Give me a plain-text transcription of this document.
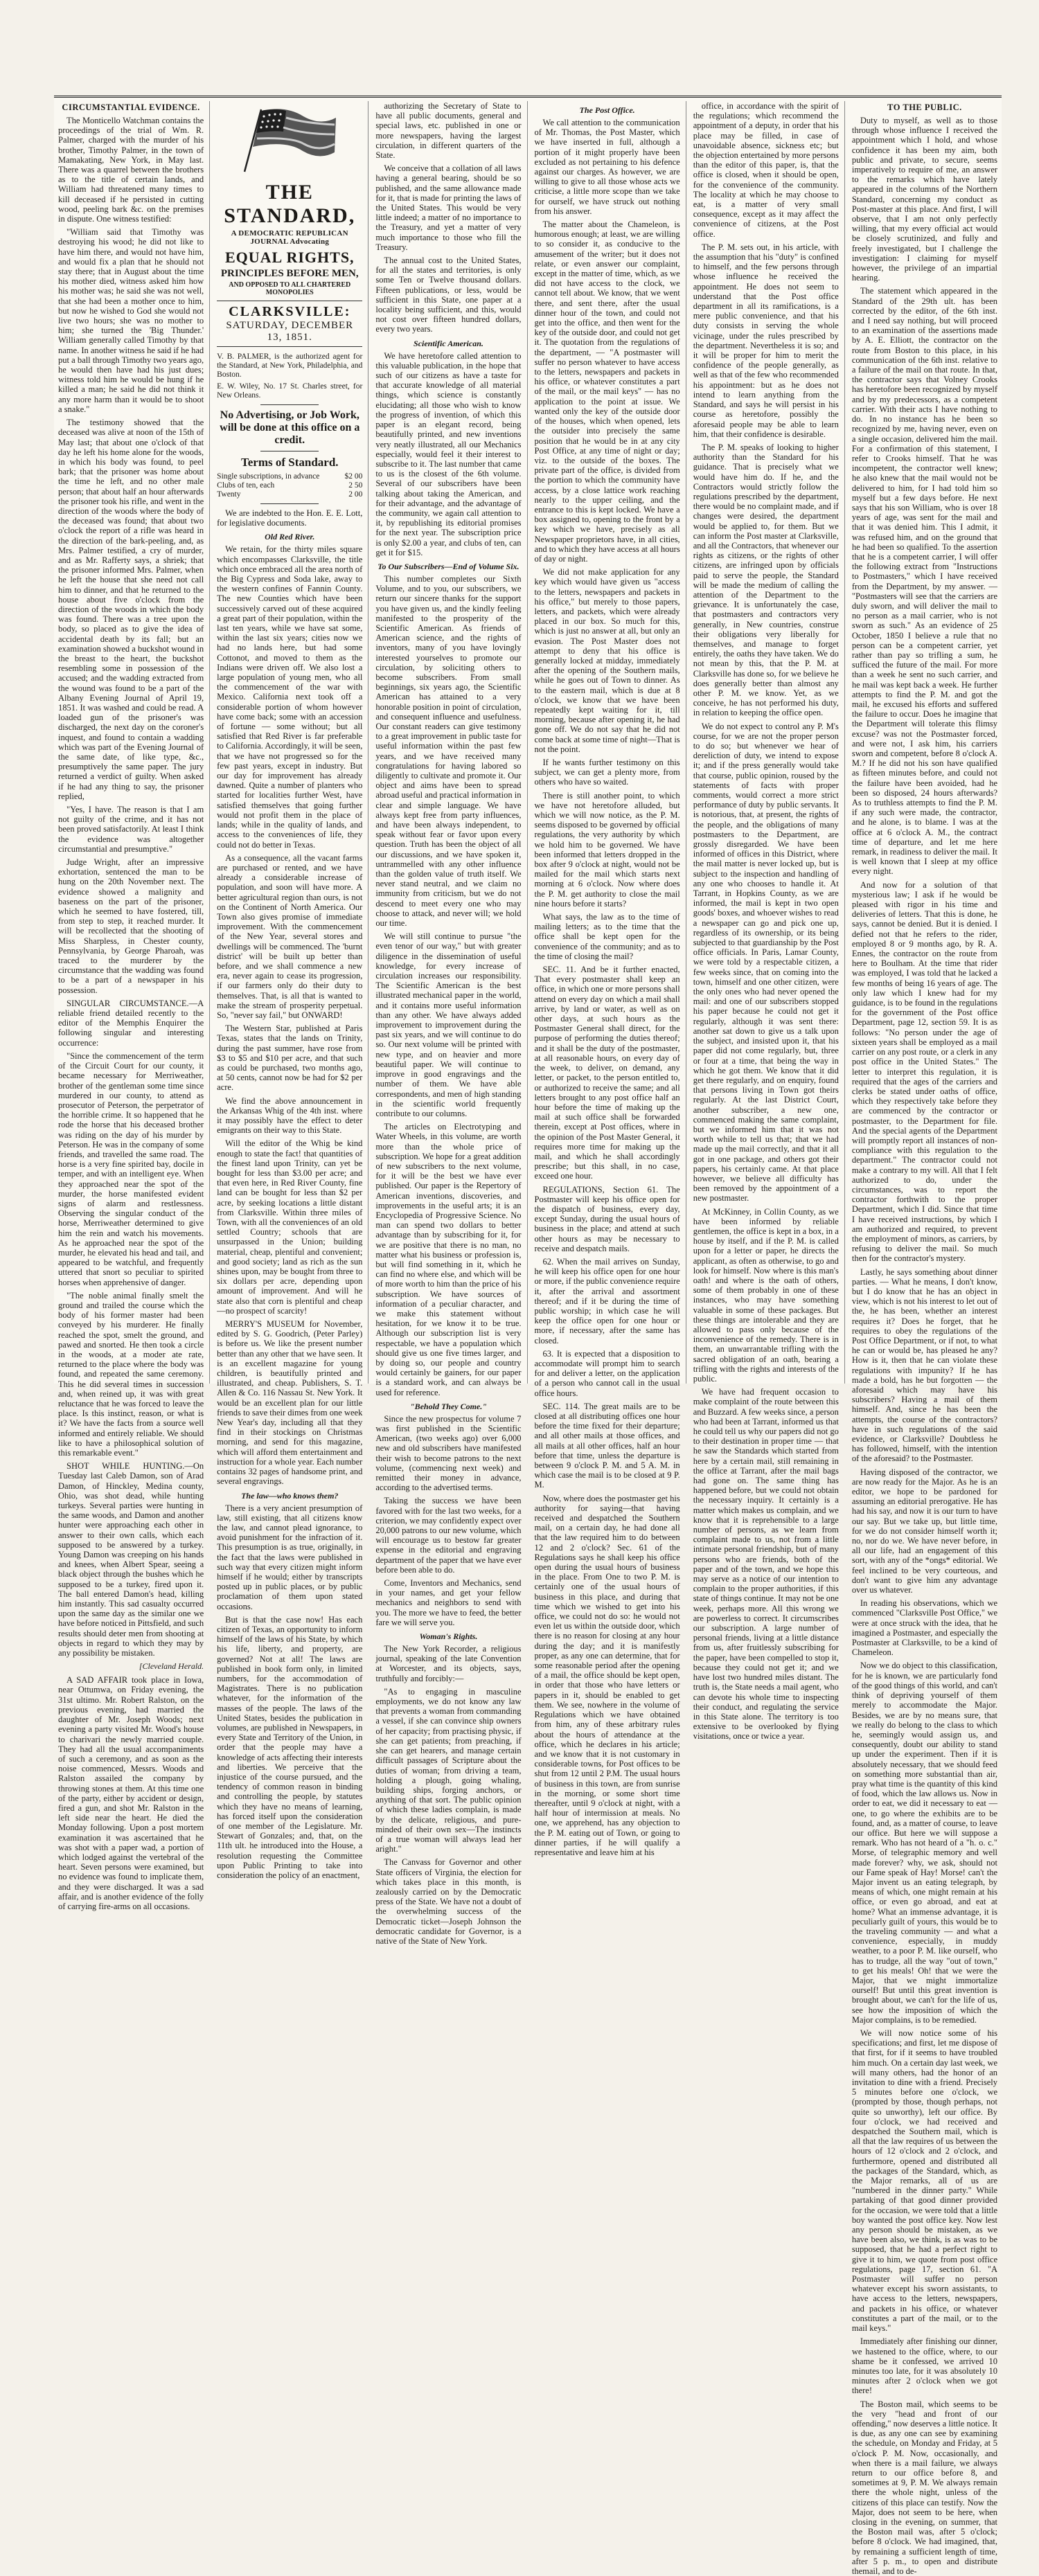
CIRCUMSTANTIAL EVIDENCE.

The Monticello Watchman contains the proceedings of the trial of Wm. R. Palmer, charged with the murder of his brother, Timothy Palmer, in the town of Mamakating, New York, in May last. There was a quarrel between the brothers as to the title of certain lands, and William had threatened many times to kill deceased if he persisted in cutting wood, peeling bark &c. on the premises in dispute. One witness testified:

"William said that Timothy was destroying his wood; he did not like to have him there, and would not have him, and would fix a plan that he should not stay there; that in August about the time his mother died, witness asked him how his mother was; he said she was not well, that she had been a mother once to him, but now he wished to God she would not live two hours; she was no mother to him; she turned the 'Big Thunder.' William generally called Timothy by that name. In another witness he said if he had put a ball through Timothy two years ago, he would then have had his just dues; witness told him he would be hung if he killed a man; he said he did not think it any more harm than it would be to shoot a snake."

The testimony showed that the deceased was alive at noon of the 15th of May last; that about one o'clock of that day he left his home alone for the woods, in which his body was found, to peel bark; that the prisoner was home about the time he left, and no other male person; that about half an hour afterwards the prisoner took his rifle, and went in the direction of the woods where the body of the deceased was found; that about two o'clock the report of a rifle was heard in the direction of the bark-peeling, and, as Mrs. Palmer testified, a cry of murder, and as Mr. Rafferty says, a shriek; that the prisoner informed Mrs. Palmer, when he left the house that she need not call him to dinner, and that he returned to the house about five o'clock from the direction of the woods in which the body was found. There was a tree upon the body, so placed as to give the idea of accidental death by its fall; but an examination showed a buckshot wound in the breast to the heart, the buckshot resembling some in possession of the accused; and the wadding extracted from the wound was found to be a part of the Albany Evening Journal of April 19, 1851. It was washed and could be read. A loaded gun of the prisoner's was discharged, the next day on the coroner's inquest, and found to contain a wadding which was part of the Evening Journal of the same date, of like type, &c., presumptively the same paper. The jury returned a verdict of guilty. When asked if he had any thing to say, the prisoner replied,

"Yes, I have. The reason is that I am not guilty of the crime, and it has not been proved satisfactorily. At least I think the evidence was altogether circumstantial and presumptive."

Judge Wright, after an impressive exhortation, sentenced the man to be hung on the 20th November next. The evidence showed a malignity and baseness on the part of the prisoner, which he seemed to have fostered, till, from step to step, it reached murder. It will be recollected that the shooting of Miss Sharpless, in Chester county, Pennsylvania, by George Pharoah, was traced to the murderer by the circumstance that the wadding was found to be a part of a newspaper in his possession.

SINGULAR CIRCUMSTANCE.—A reliable friend detailed recently to the editor of the Memphis Enquirer the following singular and interesting occurrence:

"Since the commencement of the term of the Circuit Court for our county, it became necessary for Merriweather, brother of the gentleman some time since murdered in our county, to attend as prosecutor of Peterson, the perpetrator of the horrible crime. It so happened that he rode the horse that his deceased brother was riding on the day of his murder by Peterson. He was in the company of some friends, and travelled the same road. The horse is a very fine spirited bay, docile in temper, and with an intelligent eye. When they approached near the spot of the murder, the horse manifested evident signs of alarm and restlessness. Observing the singular conduct of the horse, Merriweather determined to give him the rein and watch his movements. As he approached near the spot of the murder, he elevated his head and tail, and appeared to be watchful, and frequently uttered that snort so peculiar to spirited horses when apprehensive of danger.

"The noble animal finally smelt the ground and trailed the course which the body of his former master had been conveyed by his murderer. He finally reached the spot, smelt the ground, and pawed and snorted. He then took a circle in the woods, at a moder ate rate, returned to the place where the body was found, and repeated the same ceremony. This he did several times in succession and, when reined up, it was with great reluctance that he was forced to leave the place. Is this instinct, reason, or what is it? We have the facts from a source well informed and entirely reliable. We should like to have a philosophical solution of this remarkable event."

SHOT WHILE HUNTING.—On Tuesday last Caleb Damon, son of Arad Damon, of Hinckley, Medina county, Ohio, was shot dead, while hunting turkeys. Several parties were hunting in the same woods, and Damon and another hunter were approaching each other in answer to their own calls, which each supposed to be answered by a turkey. Young Damon was creeping on his hands and knees, when Albert Spear, seeing a black object through the bushes which he supposed to be a turkey, fired upon it. The ball entered Damon's head, killing him instantly. This sad casualty occurred upon the same day as the similar one we have before noticed in Pittsfield, and such results should deter men from shooting at objects in regard to which they may by any possibility be mistaken.

[Cleveland Herald.

A SAD AFFAIR took place in Iowa, near Ottumwa, on Friday evening, the 31st ultimo. Mr. Robert Ralston, on the previous evening, had married the daughter of Mr. Joseph Woods; next evening a party visited Mr. Wood's house to charivari the newly married couple. They had all the usual accompaniments of such a ceremony, and as soon as the noise commenced, Messrs. Woods and Ralston assailed the company by throwing stones at them. At this time one of the party, either by accident or design, fired a gun, and shot Mr. Ralston in the left side near the heart. He died the Monday following. Upon a post mortem examination it was ascertained that he was shot with a paper wad, a portion of which lodged against the vertebral of the heart. Seven persons were examined, but no evidence was found to implicate them, and they were discharged. It was a sad affair, and is another evidence of the folly of carrying fire-arms on all occasions.

THE STANDARD,
A DEMOCRATIC REPUBLICAN JOURNAL Advocating
EQUAL RIGHTS,
PRINCIPLES BEFORE MEN,
AND OPPOSED TO ALL CHARTERED MONOPOLIES
CLARKSVILLE:
SATURDAY, DECEMBER 13, 1851.
V. B. PALMER, is the authorized agent for the Standard, at New York, Philadelphia, and Boston.
E. W. Wiley, No. 17 St. Charles street, for New Orleans.
No Advertising, or Job Work, will be done at this office on a credit.
Terms of Standard.
Single subscriptions, in advance	$2 00
Clubs of ten, each	2 50
Twenty	2 00

We are indebted to the Hon. E. E. Lott, for legislative documents.

Old Red River.

We retain, for the thirty miles square which encompasses Clarksville, the title which once embraced all the area north of the Big Cypress and Soda lake, away to the western confines of Fannin County. The new Counties which have been successively carved out of these acquired a great part of their population, within the last ten years, while we have sat some, within the last six years; cities now we had no lands here, but had some Cottonot, and moved to them as the Indians were driven off. We also lost a large population of young men, who all the commencement of the war with Mexico. California next took off a considerable portion of whom however have come back; some with an accession of fortune — some without; but all satisfied that Red River is far preferable to California. Accordingly, it will be seen, that we have not progressed so for the few past years, except in industry. But our day for improvement has already dawned. Quite a number of planters who started for localities further West, have satisfied themselves that going further would not profit them in the place of lands; while in the quality of lands, and access to the conveniences of life, they could not do better in Texas.

As a consequence, all the vacant farms are purchased or rented, and we have already a considerable increase of population, and soon will have more. A better agricultural region than ours, is not on the Continent of North America. Our Town also gives promise of immediate improvement. With the commencement of the New Year, several stores and dwellings will be commenced. The 'burnt district' will be built up better than before, and we shall commence a new era, never again to cease its progression, if our farmers only do their duty to themselves. That, is all that is wanted to make the stream of prosperity perpetual. So, "never say fail," but ONWARD!

The Western Star, published at Paris Texas, states that the lands on Trinity, during the past summer, have rose from $3 to $5 and $10 per acre, and that such as could be purchased, two months ago, at 50 cents, cannot now be had for $2 per acre.

We find the above announcement in the Arkansas Whig of the 4th inst. where it may possibly have the effect to deter emigrants on their way to this State.

Will the editor of the Whig be kind enough to state the fact! that quantities of the finest land upon Trinity, can yet be bought for less than $3.00 per acre; and that even here, in Red River County, fine land can be bought for less than $2 per acre, by seeking locations a little distant from Clarksville. Within three miles of Town, with all the conveniences of an old settled Country; schools that are unsurpassed in the Union; building material, cheap, plentiful and convenient; and good society; land as rich as the sun shines upon, may be bought from three to six dollars per acre, depending upon amount of improvement. And will he state also that corn is plentiful and cheap—no prospect of scarcity!

MERRY'S MUSEUM for November, edited by S. G. Goodrich, (Peter Parley) is before us. We like the present number better than any other that we have seen. It is an excellent magazine for young children, is beautifully printed and illustrated, and cheap. Publishers, S. T. Allen & Co. 116 Nassau St. New York. It would be an excellent plan for our little friends to save their dimes from one week New Year's day, including all that they find in their stockings on Christmas morning, and send for this magazine, which will afford them entertainment and instruction for a whole year. Each number contains 32 pages of handsome print, and several engravings.

The law—who knows them?

There is a very ancient presumption of law, still existing, that all citizens know the law, and cannot plead ignorance, to avoid punishment for the infraction of it. This presumption is as true, originally, in the fact that the laws were published in such way that every citizen might inform himself if he would; either by transcripts posted up in public places, or by public proclamation of them upon stated occasions.

But is that the case now! Has each citizen of Texas, an opportunity to inform himself of the laws of his State, by which his life, liberty, and property, are governed? Not at all! The laws are published in book form only, in limited numbers, for the accommodation of Magistrates. There is no publication whatever, for the information of the masses of the people. The laws of the United States, besides the publication in volumes, are published in Newspapers, in every State and Territory of the Union, in order that the people may have a knowledge of acts affecting their interests and liberties. We perceive that the injustice of the course pursued, and the tendency of common reason in binding and controlling the people, by statutes which they have no means of learning, has forced itself upon the consideration of one member of the Legislature. Mr. Stewart of Gonzales; and, that, on the 11th ult. he introduced into the House, a resolution requesting the Committee upon Public Printing to take into consideration the policy of an enactment,

authorizing the Secretary of State to have all public documents, general and special laws, etc. published in one or more newspapers, having the largest circulation, in different quarters of the State.

We conceive that a collation of all laws having a general bearing, should be so published, and the same allowance made for it, that is made for printing the laws of the United States. This would be very little indeed; a matter of no importance to the Treasury, and yet a matter of very much importance to those who fill the Treasury.

The annual cost to the United States, for all the states and territories, is only some Ten or Twelve thousand dollars. Fifteen publications, or less, would be sufficient in this State, one paper at a locality being sufficient, and this, would not cost over fifteen hundred dollars, every two years.

Scientific American.

We have heretofore called attention to this valuable publication, in the hope that such of our citizens as have a taste for that accurate knowledge of all material things, which science is constantly elucidating; all those who wish to know the progress of invention, of which this paper is an elegant record, being beautifully printed, and new inventions very neatly illustrated, all our Mechanics especially, would feel it their interest to subscribe to it. The last number that came to us is the closest of the 6th volume. Several of our subscribers have been talking about taking the American, and for their advantage, and the advantage of the community, we again call attention to it, by republishing its editorial promises for the next year. The subscription price is only $2.00 a year, and clubs of ten, can get it for $15.

To Our Subscribers—End of Volume Six.

This number completes our Sixth Volume, and to you, our subscribers, we return our sincere thanks for the support you have given us, and the kindly feeling manifested to the prosperity of the Scientific American. As friends of American science, and the rights of inventors, many of you have lovingly interested yourselves to promote our circulation, by soliciting others to become subscribers. From small beginnings, six years ago, the Scientific American has attained to a very honorable position in point of circulation, and consequent influence and usefulness. Our constant readers can give testimony to a great improvement in public taste for useful information within the past few years, and we have received many congratulations for having labored so diligently to cultivate and promote it. Our object and aims have been to spread abroad useful and practical information in clear and simple language. We have always kept free from party influences, and have been always independent, to speak without fear or favor upon every question. Truth has been the object of all our discussions, and we have spoken it, untrammelled with any other influence than the golden value of truth itself. We never stand neutral, and we claim no immunity from criticism, but we do not descend to meet every one who may choose to attack, and never will; we hold our time.

We will still continue to pursue "the even tenor of our way," but with greater diligence in the dissemination of useful knowledge, for every increase of circulation increases our responsibility. The Scientific American is the best illustrated mechanical paper in the world, and it contains more useful information than any other. We have always added improvement to improvement during the past six years, and we will continue to do so. Our next volume will be printed with new type, and on heavier and more beautiful paper. We will continue to improve in good engravings and the number of them. We have able correspondents, and men of high standing in the scientific world frequently contribute to our columns.

The articles on Electrotyping and Water Wheels, in this volume, are worth more than the whole price of subscription. We hope for a great addition of new subscribers to the next volume, for it will be the best we have ever published. Our paper is the Repertory of American inventions, discoveries, and improvements in the useful arts; it is an Encyclopedia of Progressive Science. No man can spend two dollars to better advantage than by subscribing for it, for we are positive that there is no man, no matter what his business or profession is, but will find something in it, which he can find no where else, and which will be of more worth to him than the price of his subscription. We have sources of information of a peculiar character, and we make this statement without hesitation, for we know it to be true. Although our subscription list is very respectable, we have a population which should give us one five times larger, and by doing so, our people and country would certainly be gainers, for our paper is a standard work, and can always be used for reference.

"Behold They Come."

Since the new prospectus for volume 7 was first published in the Scientific American, (two weeks ago) over 6,000 new and old subscribers have manifested their wish to become patrons to the next volume, (commencing next week) and remitted their money in advance, according to the advertised terms.

Taking the success we have been favored with for the last two weeks, for a criterion, we may confidently expect over 20,000 patrons to our new volume, which will encourage us to bestow far greater expense in the editorial and engraving department of the paper that we have ever before been able to do.

Come, Inventors and Mechanics, send in your names, and get your fellow mechanics and neighbors to send with you. The more we have to feed, the better fare we will serve you.

Woman's Rights.

The New York Recorder, a religious journal, speaking of the late Convention at Worcester, and its objects, says, truthfully and forcibly:—

"As to engaging in masculine employments, we do not know any law that prevents a woman from commanding a vessel, if she can convince ship owners of her capacity; from practising physic, if she can get patients; from preaching, if she can get hearers, and manage certain difficult passages of Scripture about the duties of woman; from driving a team, holding a plough, going whaling, building ships, forging anchors, or anything of that sort. The public opinion of which these ladies complain, is made by the delicate, religious, and pure-minded of their own sex—The instincts of a true woman will always lead her aright."

The Canvass for Governor and other State officers of Virginia, the election for which takes place in this month, is zealously carried on by the Democratic press of the State. We have not a doubt of the overwhelming success of the Democratic ticket—Joseph Johnson the democratic candidate for Governor, is a native of the State of New York.

The Post Office.

We call attention to the communication of Mr. Thomas, the Post Master, which we have inserted in full, although a portion of it might properly have been excluded as not pertaining to his defence against our charges. As however, we are willing to give to all those whose acts we criticise, a little more scope than we take for ourself, we have struck out nothing from his answer.

The matter about the Chameleon, is humorous enough; at least, we are willing to so consider it, as conducive to the amusement of the writer; but it does not relate, or even answer our complaint, except in the matter of time, which, as we did not have access to the clock, we cannot tell about. We know, that we went there, and sent there, after the usual dinner hour of the town, and could not get into the office, and then went for the key of the outside door, and could not get it. The quotation from the regulations of the department, — "A postmaster will suffer no person whatever to have access to the letters, newspapers and packets in his office, or whatever constitutes a part of the mail, or the mail keys" — has no application to the point at issue. We wanted only the key of the outside door of the houses, which when opened, lets the outsider into precisely the same position that he would be in at any city Post Office, at any time of night or day; viz. to the outside of the boxes. The private part of the office, is divided from the portion to which the community have access, by a close lattice work reaching nearly to the upper ceiling, and the entrance to this is kept locked. We have a box assigned to, opening to the front by a key which we have, precisely as all Newspaper proprietors have, in all cities, and to which they have access at all hours of day or night.

We did not make application for any key which would have given us "access to the letters, newspapers and packets in his office," but merely to those papers, letters, and packets, which were already placed in our box. So much for this, which is just no answer at all, but only an evasion. The Post Master does not attempt to deny that his office is generally locked at midday, immediately after the opening of the Southern mails, while he goes out of Town to dinner. As to the eastern mail, which is due at 8 o'clock, we know that we have been repeatedly kept waiting for it, till morning, because after opening it, he had gone off. We do not say that he did not come back at some time of night—That is not the point.

If he wants further testimony on this subject, we can get a plenty more, from others who have so waited.

There is still another point, to which we have not heretofore alluded, but which we will now notice, as the P. M. seems disposed to be governed by official regulations, the very authority by which we hold him to be governed. We have been informed that letters dropped in the box after 9 o'clock at night, would not be mailed for the mail which starts next morning at 6 o'clock. Now where does the P. M. get authority to close the mail nine hours before it starts?

What says, the law as to the time of mailing letters; as to the time that the office shall be kept open for the convenience of the community; and as to the time of closing the mail?

SEC. 11. And be it further enacted, That every postmaster shall keep an office, in which one or more persons shall attend on every day on which a mail shall arrive, by land or water, as well as on other days, at such hours as the Postmaster General shall direct, for the purpose of performing the duties thereof; and it shall be the duty of the postmaster, at all reasonable hours, on every day of the week, to deliver, on demand, any letter, or packet, to the person entitled to, or authorized to receive the same; and all letters brought to any post office half an hour before the time of making up the mail at such office shall be forwarded therein, except at Post offices, where in the opinion of the Post Master General, it requires more time for making up the mail, and which he shall accordingly prescribe; but this shall, in no case, exceed one hour.

REGULATIONS, Section 61. The Postmaster will keep his office open for the dispatch of business, every day, except Sunday, during the usual hours of business in the place; and attend at such other hours as may be necessary to receive and despatch mails.

62. When the mail arrives on Sunday, he will keep his office open for one hour or more, if the public convenience require it, after the arrival and assortment thereof; and if it be during the time of public worship; in which case he will keep the office open for one hour or more, if necessary, after the same has closed.

63. It is expected that a disposition to accommodate will prompt him to search for and deliver a letter, on the application of a person who cannot call in the usual office hours.

SEC. 114. The great mails are to be closed at all distributing offices one hour before the time fixed for their departure; and all other mails at those offices, and all mails at all other offices, half an hour before that time, unless the departure is between 9 o'clock P. M. and 5 A. M. in which case the mail is to be closed at 9 P. M.

Now, where does the postmaster get his authority for saying—that having received and despatched the Southern mail, on a certain day, he had done all that the law required him to do between 12 and 2 o'clock? Sec. 61 of the Regulations says he shall keep his office open during the usual hours of business in the place. From One to two P. M. is certainly one of the usual hours of business in this place, and during that time which we wished to get into his office, we could not do so: he would not even let us within the outside door, which there is no reason for closing at any hour during the day; and it is manifestly proper, as any one can determine, that for some reasonable period after the opening of a mail, the office should be kept open, in order that those who have letters or papers in it, should be enabled to get them. We see, nowhere in the volume of Regulations which we have obtained from him, any of these arbitrary rules about the hours of attendance at the office, which he declares in his article; and we know that it is not customary in considerable towns, for Post offices to be shut from 12 until 2 P.M. The usual hours of business in this town, are from sunrise in the morning, or some short time thereafter, until 9 o'clock at night, with a half hour of intermission at meals. No one, we apprehend, has any objection to the P. M. eating out of Town, or going to dinner parties, if he will qualify a representative and leave him at his

office, in accordance with the spirit of the regulations; which recommend the appointment of a deputy, in order that his place may be filled, in case of unavoidable absence, sickness etc; but the objection entertained by more persons than the editor of this paper, is, that the office is closed, when it should be open, for the convenience of the community. The locality at which he may choose to eat, is a matter of very small consequence, except as it may affect the convenience of citizens, at the Post office.

The P. M. sets out, in his article, with the assumption that his "duty" is confined to himself, and the few persons through whose influence he received the appointment. He does not seem to understand that the Post office department in all its ramifications, is a mere public convenience, and that his duty consists in serving the whole vicinage, under the rules prescribed by the department. Nevertheless it is so; and it will be proper for him to merit the confidence of the people generally, as well as that of the few who recommended his appointment: but as he does not intend to learn anything from the Standard, and says he will persist in his course as heretofore, possibly the aforesaid people may be able to learn him, that their confidence is desirable.

The P. M. speaks of looking to higher authority than the Standard for his guidance. That is precisely what we would have him do. If he, and the Contractors would strictly follow the regulations prescribed by the department, there would be no complaint made, and if changes were desired, the department would be applied to, for them. But we can inform the Post master at Clarksville, and all the Contractors, that whenever our rights as citizens, or the rights of other citizens, are infringed upon by officials paid to serve the people, the Standard will be made the medium of calling the attention of the Department to the grievance. It is unfortunately the case, that postmasters and contractors very generally, in New countries, construe their obligations very liberally for themselves, and manage to forget entirely, the oaths they have taken. We do not mean by this, that the P. M. at Clarksville has done so, for we believe he does generally better than almost any other P. M. we know. Yet, as we conceive, he has not performed his duty, in relation to keeping the office open.

We do not expect to control any P. M's course, for we are not the proper person to do so; but whenever we hear of dereliction of duty, we intend to expose it; and if the press generally would take that course, public opinion, roused by the statements of facts with proper comments, would correct a more strict performance of duty by public servants. It is notorious, that, at present, the rights of the people, and the obligations of many postmasters to the Department, are grossly disregarded. We have been informed of offices in this District, where the mail matter is never locked up, but is subject to the inspection and handling of any one who chooses to handle it. At Tarrant, in Hopkins County, as we are informed, the mail is kept in two open goods' boxes, and whoever wishes to read a newspaper can go and pick one up, regardless of its ownership, or its being subjected to that guardianship by the Post office officials. In Paris, Lamar County, we were told by a respectable citizen, a few weeks since, that on coming into the town, himself and one other citizen, were the only ones who had never opened the mail: and one of our subscribers stopped his paper because he could not get it regularly, although it was sent there: another sat down to give us a talk upon the subject, and insisted upon it, that his paper did not come regularly, but, three or four at a time, that being the way in which he got them. We know that it did get there regularly, and on enquiry, found that persons living in Town got theirs regularly. At the last District Court, another subscriber, a new one, commenced making the same complaint, but we informed him that it was not worth while to tell us that; that we had made up the mail correctly, and that it all got in one package, and others got their papers, his certainly came. At that place however, we believe all difficulty has been removed by the appointment of a new postmaster.

At McKinney, in Collin County, as we have been informed by reliable gentlemen, the office is kept in a box, in a house by itself, and if the P. M. is called upon for a letter or paper, he directs the applicant, as often as otherwise, to go and look for himself. Now where is this man's oath! and where is the oath of others, some of them probably in one of these instances, who may have something valuable in some of these packages. But these things are intolerable and they are allowed to pass only because of the inconvenience of the remedy. There is in them, an unwarrantable trifling with the sacred obligation of an oath, bearing a trifling with the rights and interests of the public.

We have had frequent occasion to make complaint of the route between this and Buzzard. A few weeks since, a person who had been at Tarrant, informed us that he could tell us why our papers did not go to their destination in proper time — that he saw the Standards which started from here by a certain mail, still remaining in the office at Tarrant, after the mail bags had gone on. The same thing has happened before, but we could not obtain the necessary inquiry. It certainly is a matter which makes us complain, and we know that it is reprehensible to a large number of persons, as we learn from complaint made to us, not from a little intimate personal friendship, but of many persons who are friends, both of the paper and of the town, and we hope this may serve as a notice of our intention to complain to the proper authorities, if this state of things continue. It may not be one week, perhaps more. All this wrong we are powerless to correct. It circumscribes our subscription. A large number of personal friends, living at a little distance from us, after fruitlessly subscribing for the paper, have been compelled to stop it, because they could not get it; and we have lost two hundred miles distant. The truth is, the State needs a mail agent, who can devote his whole time to inspecting their conduct, and regulating the service in this State alone. The territory is too extensive to be overlooked by flying visitations, once or twice a year.

TO THE PUBLIC.

Duty to myself, as well as to those through whose influence I received the appointment which I hold, and whose confidence it has been my aim, both public and private, to secure, seems imperatively to require of me, an answer to the remarks which have lately appeared in the columns of the Northern Standard, concerning my conduct as Post-master at this place. And first, I will observe, that I am not only perfectly willing, that my every official act would be closely scrutinized, and fully and freely investigated, but I challenge the investigation: I claiming for myself however, the privilege of an impartial hearing.

The statement which appeared in the Standard of the 29th ult. has been corrected by the editor, of the 6th inst. and I need say nothing, but will proceed to an examination of the assertions made by A. E. Elliott, the contractor on the route from Boston to this place, in his communication of the 6th inst. relative to a failure of the mail on that route. In that, the contractor says that Volney Crooks has heretofore been recognized by myself and by my predecessors, as a competent carrier. With their acts I have nothing to do. In no instance has he been so recognized by me, having never, even on a single occasion, delivered him the mail. For a confirmation of this statement, I refer to Crooks himself. That he was incompetent, the contractor well knew; he also knew that the mail would not be delivered to him, for I had told him so myself but a few days before. He next says that his son William, who is over 18 years of age, was sent for the mail and that it was denied him. This I admit, it was refused him, and on the ground that he had been so qualified. To the assertion that he is a competent carrier, I will offer the following extract from "Instructions to Postmasters," which I have received from the Department, by my answer. — "Postmasters will see that the carriers are duly sworn, and will deliver the mail to no person as a mail carrier, who is not sworn as such." As an evidence of 25 October, 1850 I believe a rule that no person can be a competent carrier, yet rather than pay so trifling a sum, he sufficed the future of the mail. For more than a week he sent no such carrier, and he mail was kept back a week. He further attempts to find the P. M. and got the mail, he excused his efforts and suffered the failure to occur. Does he imagine that the Department will tolerate this flimsy excuse? was not the Postmaster forced, and were not, I ask him, his carriers sworn and competent, before 8 o'clock A. M.? If he did not his son have qualified as fifteen minutes before, and could not the failure have been avoided, had he been so disposed, 24 hours afterwards? As to truthless attempts to find the P. M. if any such were made, the contractor, and he alone, is to blame. I was at the office at 6 o'clock A. M., the contract time of departure, and let me here remark, in readiness to deliver the mail. It is well known that I sleep at my office every night.

And now for a solution of that mysterious law; I ask if he would be pleased with rigor in his time and deliveries of letters. That this is done, he says, cannot be denied. But it is denied. I defied not that he refers to the rider, employed 8 or 9 months ago, by R. A. Ennes, the contractor on the route from here to Boulham. At the time that rider was employed, I was told that he lacked a few months of being 16 years of age. The only law which I knew had for my guidance, is to be found in the regulations for the government of the Post office Department, page 12, section 59. It is as follows: "No person under the age of sixteen years shall be employed as a mail carrier on any post route, or a clerk in any post office in the United States." The letter to interpret this regulation, it is required that the ages of the carriers and clerks be stated under oaths of office, which they respectively take before they are commenced by the contractor or postmaster, to the Department for file. And the special agents of the Department will promptly report all instances of non-compliance with this regulation to the department." The contractor could not make a contrary to my will. All that I felt authorized to do, under the circumstances, was to report the contractor forthwith to the proper Department, which I did. Since that time I have received instructions, by which I am authorized and required, to prevent the employment of minors, as carriers, by refusing to deliver the mail. So much then for the contractor's mystery.

Lastly, he says something about dinner parties. — What he means, I don't know, but I do know that he has an object in view, which is not his interest to let out of the, he has been, whether an interest requires it? Does he forget, that he requires to obey the regulations of the Post Office Department, or if not, to what he can or would be, has pleased he any? How is it, then that he can violate these regulations with impunity? If he has made a bold, has he but forgotten — the aforesaid which may have his subscribers? Having a mail of them himself. And, since he has been the attempts, the course of the contractors? have in such regulations of the said evidence, or Clarksville? Doubtless he has followed, himself, with the intention of the aforesaid? to the Postmaster.

Having disposed of the contractor, we are now ready for the Major. As he is an editor, we hope to be pardoned for assuming an editorial prerogative. He has had his say, and now it is our turn to have our say. But we take up, but little time, for we do not consider himself worth it; no, nor do we. We have never before, in all our life, had an engagement of this sort, with any of the *ongs* editorial. We feel inclined to be very courteous, and don't want to give him any advantage over us whatever.

In reading his observations, which we commenced "Clarksville Post Office," we were at once struck with the idea, that he imagined a Postmaster, and especially the Postmaster at Clarksville, to be a kind of Chameleon.

Now we do object to this classification, for he is known, we are particularly fond of the good things of this world, and can't think of depriving yourself of them merely to accommodate the Major. Besides, we are by no means sure, that we really do belong to the class to which he, seemingly would assign us, and consequently, doubt our ability to stand up under the experiment. Then if it is absolutely necessary, that we should feed on something more substantial than air, pray what time is the quantity of this kind of food, which the law allows us. Now in order to eat, we did it necessary to eat — one, to go where the exhibits are to be found, and, as a matter of course, to leave our office. But here we will suppose a remark. Who has not heard of a "h. o. c." Morse, of telegraphic memory and well made forever? why, we ask, should not our Fame speak of Hay! Morse! can't the Major invent us an eating telegraph, by means of which, one might remain at his office, or even go abroad, and eat at home? What an immense advantage, it is peculiarly guilt of yours, this would be to the traveling community — and what a convenience, especially, in muddy weather, to a poor P. M. like ourself, who has to trudge, all the way "out of town," to get his meals! Oh! that we were the Major, that we might immortalize ourself! But until this great invention is brought about, we can't for the life of us, see how the imposition of which the Major complains, is to be remedied.

We will now notice some of his specifications; and first, let me dispose of that first, for if it seems to have troubled him much. On a certain day last week, we will many others, had the honor of an invitation to dine with a friend. Precisely 5 minutes before one o'clock, we (prompted by those, though perhaps, not quite so unworthy), left our office. By four o'clock, we had received and despatched the Southern mail, which is all that the law requires of us between the hours of 12 o'clock and 2 o'clock, and furthermore, opened and distributed all the packages of the Standard, which, as the Major remarks, all of us are "numbered in the dinner party." While partaking of that good dinner provided for the occasion, we were told that a little boy wanted the post office key. Now lest any person should be mistaken, as we have been also, we think, is as was to be supposed, that he had a perfect right to give it to him, we quote from post office regulations, page 17, section 61. "A Postmaster will suffer no person whatever except his sworn assistants, to have access to the letters, newspapers, and packets in his office, or whatever constitutes a part of the mail, or to the mail keys."

Immediately after finishing our dinner, we hastened to the office, where, to our shame be it confessed, we arrived 10 minutes too late, for it was absolutely 10 minutes after 2 o'clock when we got there!

The Boston mail, which seems to be the very "head and front of our offending," now deserves a little notice. It is due, as any one can see by examining the schedule, on Monday and Friday, at 5 o'clock P. M. Now, occasionally, and when there is a mail failure, we always return to our office before 8, and sometimes at 9, P. M. We always remain there the whole night, unless of the citizens of this place can testify. Now the Major, does not seem to be here, when closing in the evening, on summer, that the Boston mail was, after 5 o'clock; before 8 o'clock. We had imagined, that, by remaining a sufficient length of time, after 5 p. m., to open and distribute themail, and to de-
